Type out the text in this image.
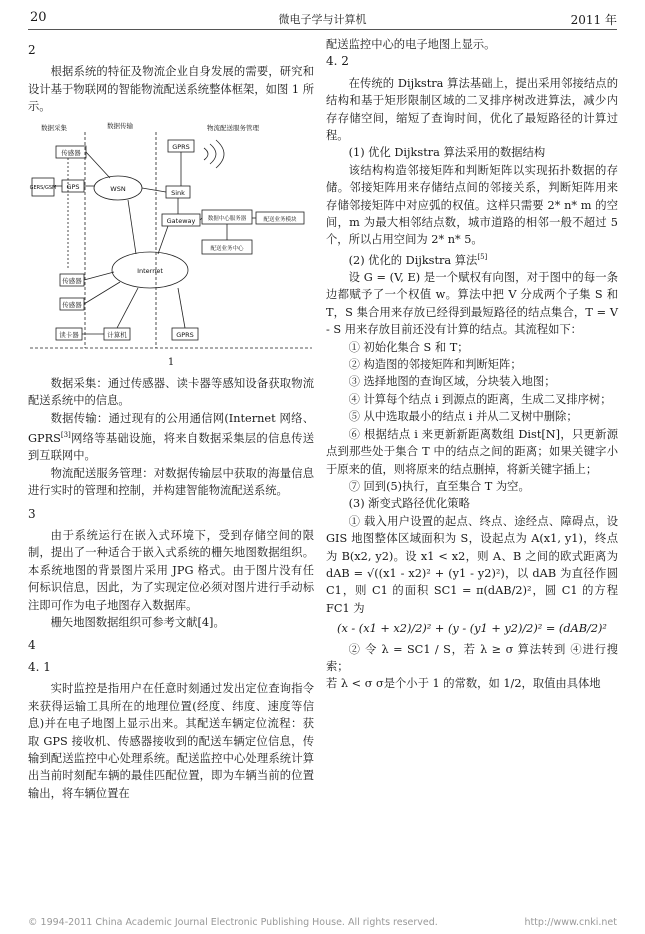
20	微电子学与计算机	2011 年
2

根据系统的特征及物流企业自身发展的需要，研究和设计基于物联网的智能物流配送系统整体框架，如图 1 所示。

数据采集	数据传输	物流配送服务管理
传感器
GERS/GSM GPS	WSN
GPRS
Sink
Gateway 数据中心服务器	配送业务模块
配送业务中心
Internet
传感器
传感器
读卡器	计算机	GPRS
1

数据采集：通过传感器、读卡器等感知设备获取物流配送系统中的信息。

数据传输：通过现有的公用通信网(Internet 网络、GPRS[3]网络等基础设施，将来自数据采集层的信息传送到互联网中。

物流配送服务管理：对数据传输层中获取的海量信息进行实时的管理和控制，并构建智能物流配送系统。

3

由于系统运行在嵌入式环境下，受到存储空间的限制，提出了一种适合于嵌入式系统的栅矢地图数据组织。本系统地图的背景图片采用 JPG 格式。由于图片没有任何标识信息，因此，为了实现定位必须对图片进行手动标注即可作为电子地图存入数据库。

栅矢地图数据组织可参考文献[4]。

4
4. 1

实时监控是指用户在任意时刻通过发出定位查询指令来获得运输工具所在的地理位置(经度、纬度、速度等信息)并在电子地图上显示出来。其配送车辆定位流程：获取 GPS 接收机、传感器接收到的配送车辆定位信息，传输到配送监控中心处理系统。配送监控中心处理系统计算出当前时刻配车辆的最佳匹配位置，即为车辆当前的位置输出，将车辆位置在

配送监控中心的电子地图上显示。

4. 2

在传统的 Dijkstra 算法基础上，提出采用邻接结点的结构和基于矩形限制区域的二叉排序树改进算法，减少内存存储空间，缩短了查询时间，优化了最短路径的计算过程。

(1) 优化 Dijkstra 算法采用的数据结构

该结构构造邻接矩阵和判断矩阵以实现拓扑数据的存储。邻接矩阵用来存储结点间的邻接关系，判断矩阵用来存储邻接矩阵中对应弧的权值。这样只需要 2* n* m 的空间，m 为最大相邻结点数，城市道路的相邻一般不超过 5 个，所以占用空间为 2* n* 5。

(2) 优化的 Dijkstra 算法[5]

设 G = (V, E) 是一个赋权有向图，对于图中的每一条边都赋予了一个权值 w。算法中把 V 分成两个子集 S 和 T，S 集合用来存放已经得到最短路径的结点集合，T = V - S 用来存放目前还没有计算的结点。其流程如下：

① 初始化集合 S 和 T；

② 构造图的邻接矩阵和判断矩阵；

③ 选择地图的查询区域，分块装入地图；

④ 计算每个结点 i 到源点的距离，生成二叉排序树；

⑤ 从中选取最小的结点 i 并从二叉树中删除；

⑥ 根据结点 i 来更新新距离数组 Dist[N]，只更新源点到那些处于集合 T 中的结点之间的距离；如果关键字小于原来的值，则将原来的结点删掉，将新关键字插上；

⑦ 回到(5)执行，直至集合 T 为空。

(3) 渐变式路径优化策略

① 载入用户设置的起点、终点、途经点、障碍点，设 GIS 地图整体区域面积为 S，设起点为 A(x1, y1)，终点为 B(x2, y2)。设 x1 < x2，则 A、B 之间的欧式距离为 dAB = √((x1 - x2)² + (y1 - y2)²)，以 dAB 为直径作圆 C1，则 C1 的面积 SC1 = π(dAB/2)²，圆 C1 的方程 FC1 为

(x - (x1 + x2)/2)² + (y - (y1 + y2)/2)² = (dAB/2)²

② 令 λ = SC1 / S，若 λ ≥ σ 算法转到 ④进行搜索；

若 λ < σ σ是个小于 1 的常数，如 1/2，取值由具体地

© 1994-2011 China Academic Journal Electronic Publishing House. All rights reserved.	http://www.cnki.net
